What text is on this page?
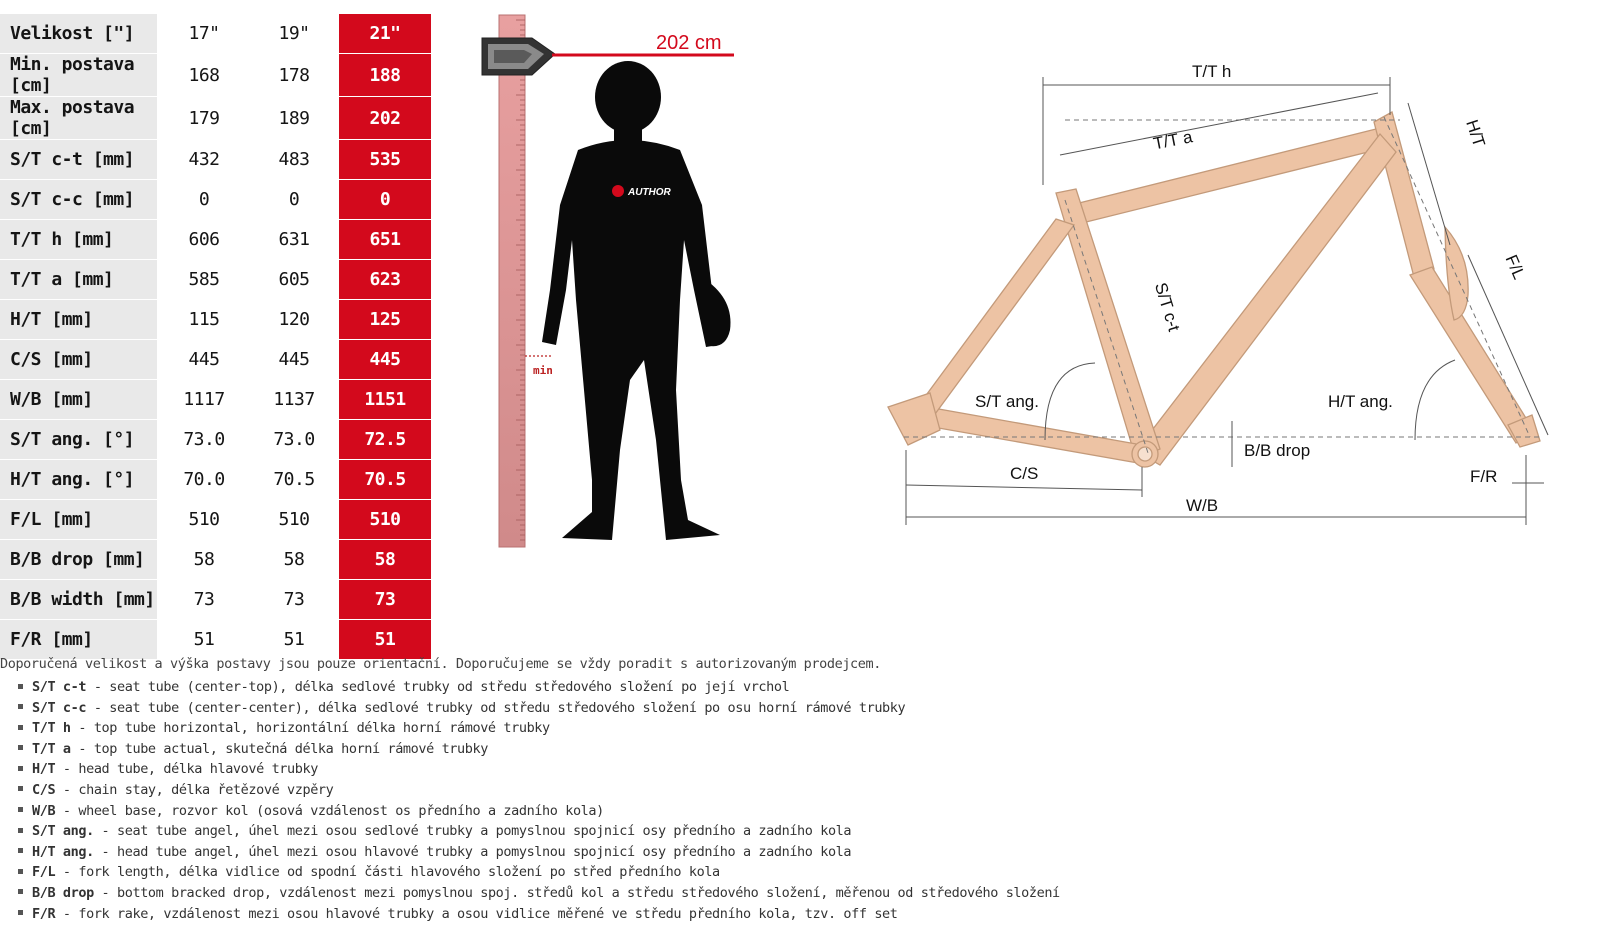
Velikost ["]		17"	19"	21"
Min. postava [cm]		168	178	188
Max. postava [cm]		179	189	202
S/T c-t [mm]		432	483	535
S/T c-c [mm]		0	0	0
T/T h [mm]		606	631	651
T/T a [mm]		585	605	623
H/T [mm]		115	120	125
C/S [mm]		445	445	445
W/B [mm]		1117	1137	1151
S/T ang. [°]		73.0	73.0	72.5
H/T ang. [°]		70.0	70.5	70.5
F/L [mm]		510	510	510
B/B drop [mm]		58	58	58
B/B width [mm]		73	73	73
F/R [mm]		51	51	51
202 cm
min
AUTHOR
T/T h
T/T a	H/T
S/T c-t
F/L
S/T ang.	H/T ang.
B/B drop
C/S	F/R
W/B
Doporučená velikost a výška postavy jsou pouze orientační. Doporučujeme se vždy poradit s autorizovaným prodejcem.
S/T c-t - seat tube (center-top), délka sedlové trubky od středu středového složení po její vrchol
S/T c-c - seat tube (center-center), délka sedlové trubky od středu středového složení po osu horní rámové trubky
T/T h - top tube horizontal, horizontální délka horní rámové trubky
T/T a - top tube actual, skutečná délka horní rámové trubky
H/T - head tube, délka hlavové trubky
C/S - chain stay, délka řetězové vzpěry
W/B - wheel base, rozvor kol (osová vzdálenost os předního a zadního kola)
S/T ang. - seat tube angel, úhel mezi osou sedlové trubky a pomyslnou spojnicí osy předního a zadního kola
H/T ang. - head tube angel, úhel mezi osou hlavové trubky a pomyslnou spojnicí osy předního a zadního kola
F/L - fork length, délka vidlice od spodní části hlavového složení po střed předního kola
B/B drop - bottom bracked drop, vzdálenost mezi pomyslnou spoj. středů kol a středu středového složení, měřenou od středového složení
F/R - fork rake, vzdálenost mezi osou hlavové trubky a osou vidlice měřené ve středu předního kola, tzv. off set
